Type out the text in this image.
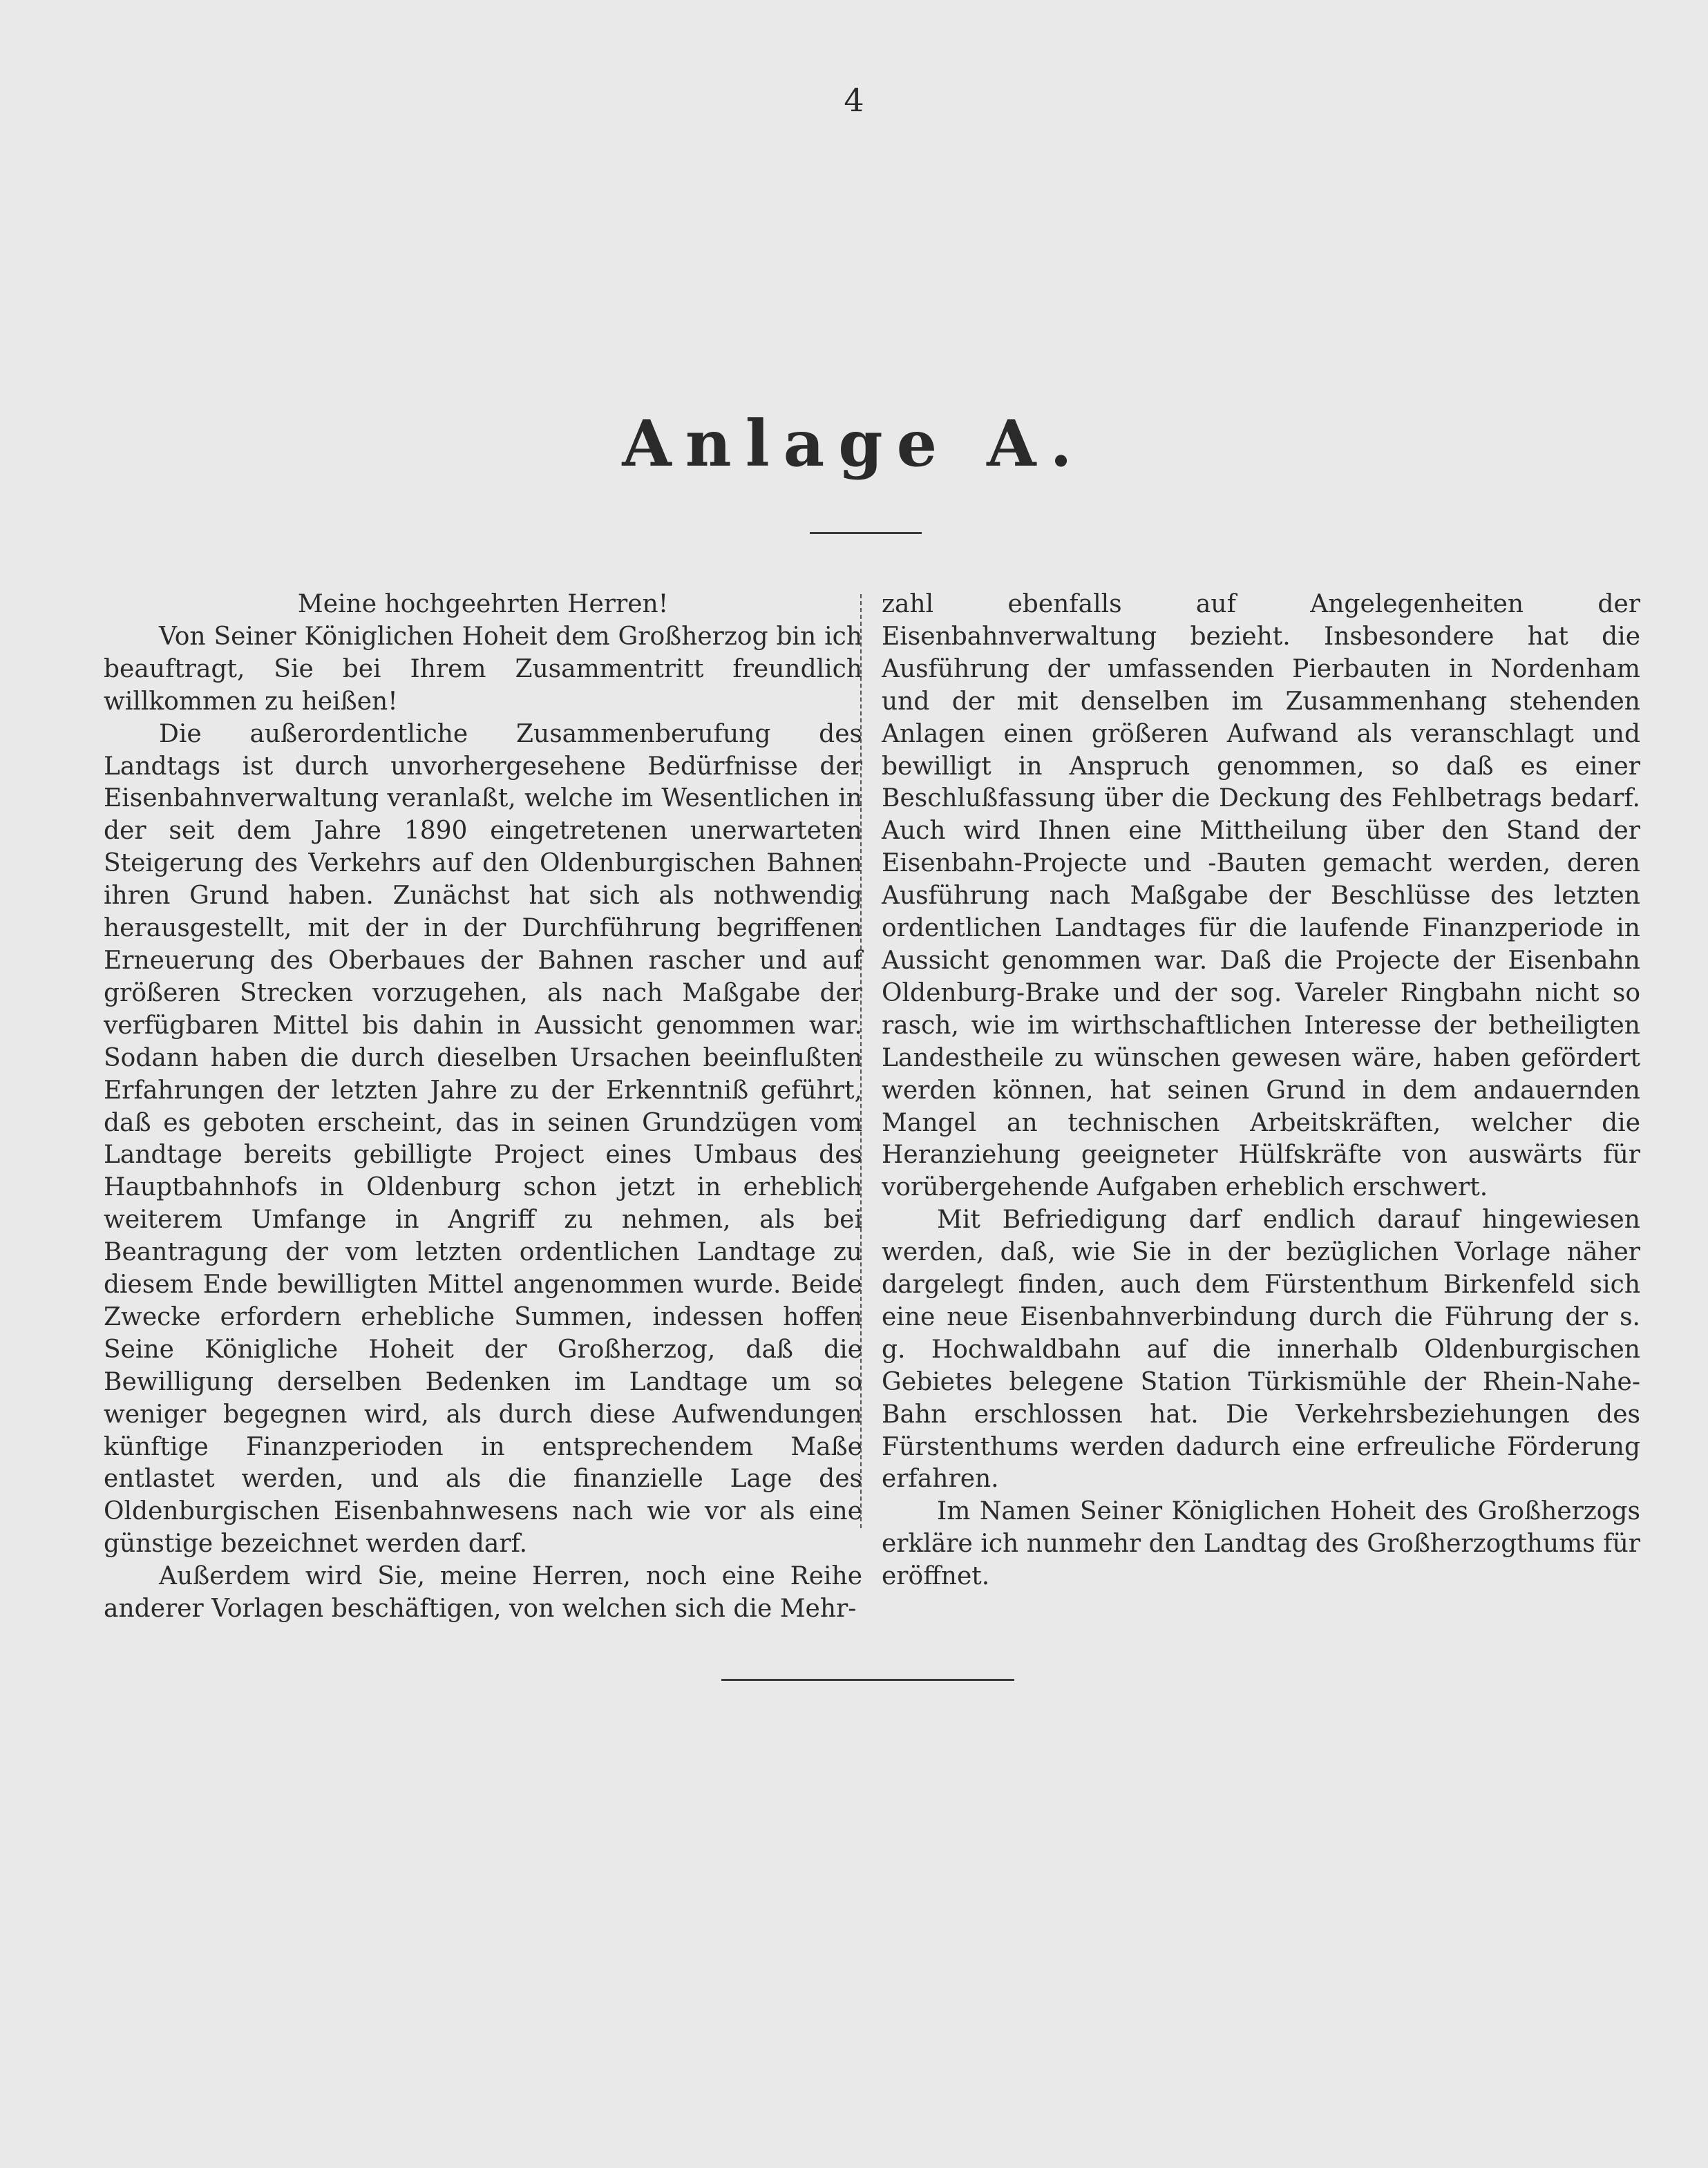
4
Anlage A.

Meine hochgeehrten Herren!

Von Seiner Königlichen Hoheit dem Großherzog bin ich beauftragt, Sie bei Ihrem Zusammentritt freundlich willkommen zu heißen!

Die außerordentliche Zusammenberufung des Landtags ist durch unvorhergesehene Bedürfnisse der Eisenbahnverwaltung veranlaßt, welche im Wesentlichen in der seit dem Jahre 1890 eingetretenen unerwarteten Steigerung des Verkehrs auf den Oldenburgischen Bahnen ihren Grund haben. Zunächst hat sich als nothwendig herausgestellt, mit der in der Durchführung begriffenen Erneuerung des Oberbaues der Bahnen rascher und auf größeren Strecken vorzugehen, als nach Maßgabe der verfügbaren Mittel bis dahin in Aussicht genommen war. Sodann haben die durch dieselben Ursachen beeinflußten Erfahrungen der letzten Jahre zu der Erkenntniß geführt, daß es geboten erscheint, das in seinen Grundzügen vom Landtage bereits gebilligte Project eines Umbaus des Hauptbahnhofs in Oldenburg schon jetzt in erheblich weiterem Umfange in Angriff zu nehmen, als bei Beantragung der vom letzten ordentlichen Landtage zu diesem Ende bewilligten Mittel angenommen wurde. Beide Zwecke erfordern erhebliche Summen, indessen hoffen Seine Königliche Hoheit der Großherzog, daß die Bewilligung derselben Bedenken im Landtage um so weniger begegnen wird, als durch diese Aufwendungen künftige Finanzperioden in entsprechendem Maße entlastet werden, und als die finanzielle Lage des Oldenburgischen Eisenbahnwesens nach wie vor als eine günstige bezeichnet werden darf.

Außerdem wird Sie, meine Herren, noch eine Reihe anderer Vorlagen beschäftigen, von welchen sich die Mehr-

zahl ebenfalls auf Angelegenheiten der Eisenbahnverwaltung bezieht. Insbesondere hat die Ausführung der umfassenden Pierbauten in Nordenham und der mit denselben im Zusammenhang stehenden Anlagen einen größeren Aufwand als veranschlagt und bewilligt in Anspruch genommen, so daß es einer Beschlußfassung über die Deckung des Fehlbetrags bedarf. Auch wird Ihnen eine Mittheilung über den Stand der Eisenbahn-Projecte und -Bauten gemacht werden, deren Ausführung nach Maßgabe der Beschlüsse des letzten ordentlichen Landtages für die laufende Finanzperiode in Aussicht genommen war. Daß die Projecte der Eisenbahn Oldenburg-Brake und der sog. Vareler Ringbahn nicht so rasch, wie im wirthschaftlichen Interesse der betheiligten Landestheile zu wünschen gewesen wäre, haben gefördert werden können, hat seinen Grund in dem andauernden Mangel an technischen Arbeitskräften, welcher die Heranziehung geeigneter Hülfskräfte von auswärts für vorübergehende Aufgaben erheblich erschwert.

Mit Befriedigung darf endlich darauf hingewiesen werden, daß, wie Sie in der bezüglichen Vorlage näher dargelegt finden, auch dem Fürstenthum Birkenfeld sich eine neue Eisenbahnverbindung durch die Führung der s. g. Hochwaldbahn auf die innerhalb Oldenburgischen Gebietes belegene Station Türkismühle der Rhein-Nahe-Bahn erschlossen hat. Die Verkehrsbeziehungen des Fürstenthums werden dadurch eine erfreuliche Förderung erfahren.

Im Namen Seiner Königlichen Hoheit des Großherzogs erkläre ich nunmehr den Landtag des Großherzogthums für eröffnet.
